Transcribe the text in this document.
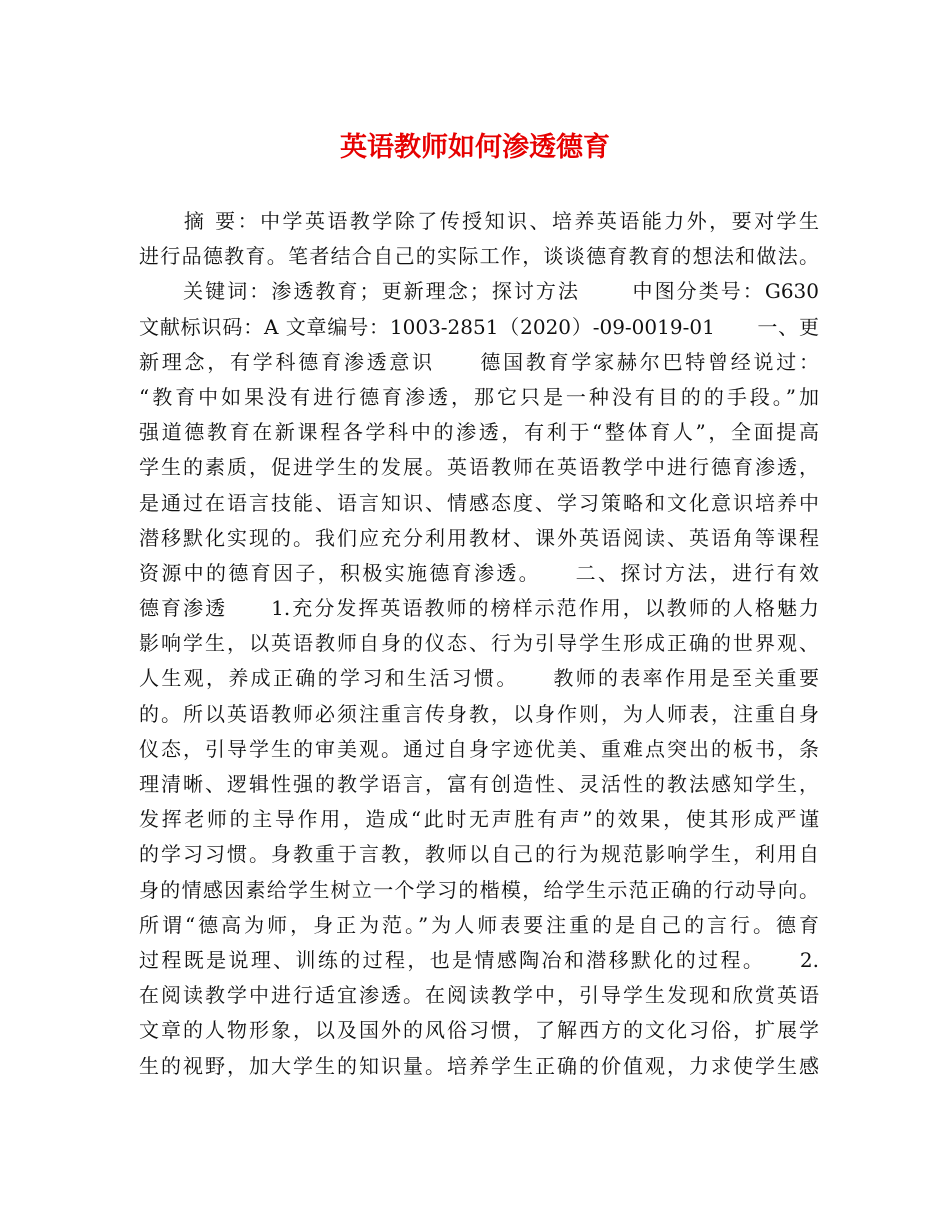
英语教师如何渗透德育
　　摘 要：中学英语教学除了传授知识、培养英语能力外，要对学生
进行品德教育。笔者结合自己的实际工作，谈谈德育教育的想法和做法。
　　关键词：渗透教育；更新理念；探讨方法　　 中图分类号：G630
文献标识码：A 文章编号：1003-2851（2020）-09-0019-01　　一、更
新理念，有学科德育渗透意识　　德国教育学家赫尔巴特曾经说过：
“教育中如果没有进行德育渗透，那它只是一种没有目的的手段。”加
强道德教育在新课程各学科中的渗透，有利于“整体育人”，全面提高
学生的素质，促进学生的发展。英语教师在英语教学中进行德育渗透，
是通过在语言技能、语言知识、情感态度、学习策略和文化意识培养中
潜移默化实现的。我们应充分利用教材、课外英语阅读、英语角等课程
资源中的德育因子，积极实施德育渗透。　　二、探讨方法，进行有效
德育渗透　　1.充分发挥英语教师的榜样示范作用，以教师的人格魅力
影响学生，以英语教师自身的仪态、行为引导学生形成正确的世界观、
人生观，养成正确的学习和生活习惯。　　教师的表率作用是至关重要
的。所以英语教师必须注重言传身教，以身作则，为人师表，注重自身
仪态，引导学生的审美观。通过自身字迹优美、重难点突出的板书，条
理清晰、逻辑性强的教学语言，富有创造性、灵活性的教法感知学生，
发挥老师的主导作用，造成“此时无声胜有声”的效果，使其形成严谨
的学习习惯。身教重于言教，教师以自己的行为规范影响学生，利用自
身的情感因素给学生树立一个学习的楷模，给学生示范正确的行动导向。
所谓“德高为师，身正为范。”为人师表要注重的是自己的言行。德育
过程既是说理、训练的过程，也是情感陶冶和潜移默化的过程。　　2.
在阅读教学中进行适宜渗透。在阅读教学中，引导学生发现和欣赏英语
文章的人物形象，以及国外的风俗习惯，了解西方的文化习俗，扩展学
生的视野，加大学生的知识量。培养学生正确的价值观，力求使学生感
